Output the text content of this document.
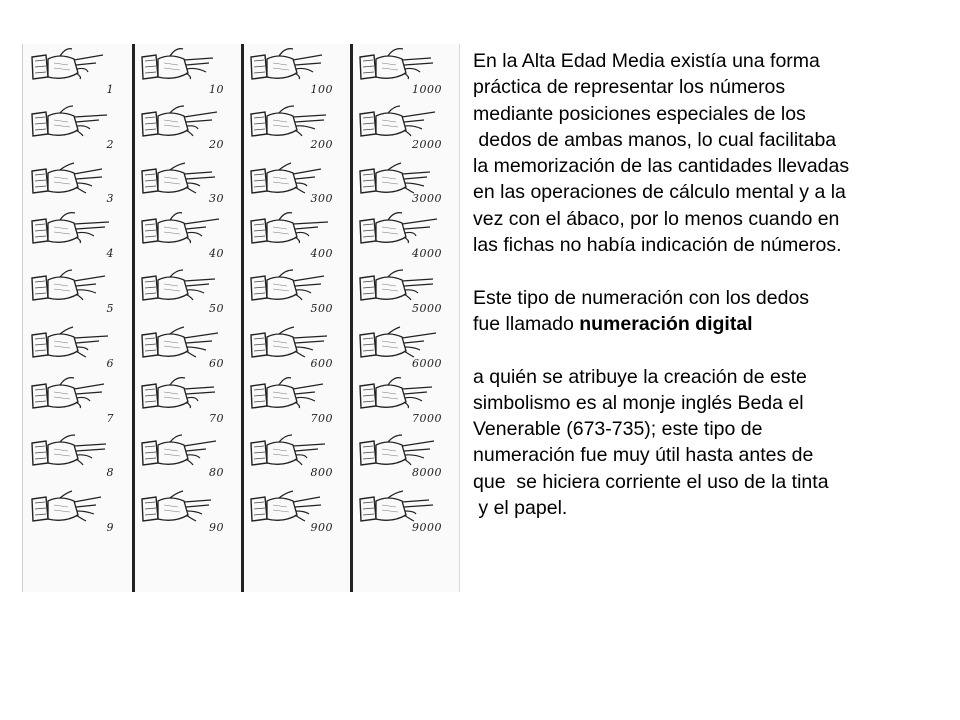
1
2
3
4
5
6
7
8
9
10
20
30
40
50
60
70
80
90
100
200
300
400
500
600
700
800
900
1000
2000
3000
4000
5000
6000
7000
8000
9000

En la Alta Edad Media existía una forma

práctica de representar los números

mediante posiciones especiales de los

dedos de ambas manos, lo cual facilitaba

la memorización de las cantidades llevadas

en las operaciones de cálculo mental y a la

vez con el ábaco, por lo menos cuando en

las fichas no había indicación de números.

Este tipo de numeración con los dedos

fue llamado numeración digital

a quién se atribuye la creación de este

simbolismo es al monje inglés Beda el

Venerable (673-735); este tipo de

numeración fue muy útil hasta antes de

que  se hiciera corriente el uso de la tinta

y el papel.
